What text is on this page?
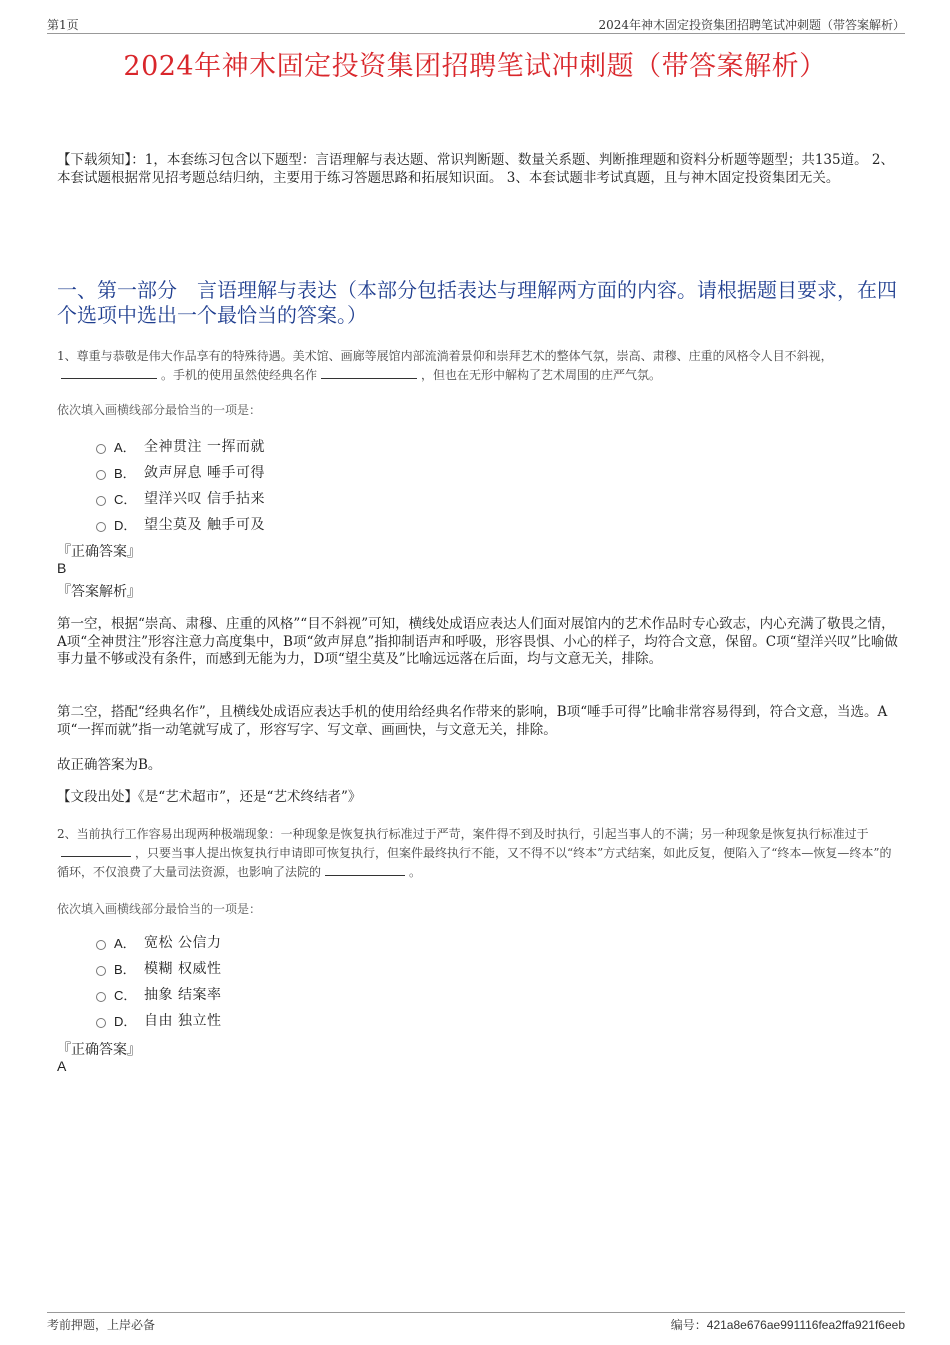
第1页	2024年神木固定投资集团招聘笔试冲刺题（带答案解析）
2024年神木固定投资集团招聘笔试冲刺题（带答案解析）
【下载须知】：1，本套练习包含以下题型：言语理解与表达题、常识判断题、数量关系题、判断推理题和资料分析题等题型；共135道。 2、本套试题根据常见招考题总结归纳，主要用于练习答题思路和拓展知识面。 3、本套试题非考试真题，且与神木固定投资集团无关。
一、第一部分　言语理解与表达（本部分包括表达与理解两方面的内容。请根据题目要求，在四个选项中选出一个最恰当的答案。）
1、尊重与恭敬是伟大作品享有的特殊待遇。美术馆、画廊等展馆内部流淌着景仰和崇拜艺术的整体气氛，崇高、肃穆、庄重的风格令人目不斜视，。手机的使用虽然使经典名作	，但也在无形中解构了艺术周围的庄严气氛。
依次填入画横线部分最恰当的一项是：
A． 全神贯注 一挥而就
B． 敛声屏息 唾手可得
C． 望洋兴叹 信手拈来
D． 望尘莫及 触手可及
『正确答案』
B
『答案解析』
第一空，根据“崇高、肃穆、庄重的风格”“目不斜视”可知，横线处成语应表达人们面对展馆内的艺术作品时专心致志，内心充满了敬畏之情，A项“全神贯注”形容注意力高度集中，B项“敛声屏息”指抑制语声和呼吸，形容畏惧、小心的样子，均符合文意，保留。C项“望洋兴叹”比喻做事力量不够或没有条件，而感到无能为力，D项“望尘莫及”比喻远远落在后面，均与文意无关，排除。
第二空，搭配“经典名作”，且横线处成语应表达手机的使用给经典名作带来的影响，B项“唾手可得”比喻非常容易得到，符合文意，当选。A项“一挥而就”指一动笔就写成了，形容写字、写文章、画画快，与文意无关，排除。
故正确答案为B。
【文段出处】《是“艺术超市”，还是“艺术终结者”》
2、当前执行工作容易出现两种极端现象：一种现象是恢复执行标准过于严苛，案件得不到及时执行，引起当事人的不满；另一种现象是恢复执行标准过于，只要当事人提出恢复执行申请即可恢复执行，但案件最终执行不能，又不得不以“终本”方式结案，如此反复，便陷入了“终本—恢复—终本”的循环，不仅浪费了大量司法资源，也影响了法院的	。
依次填入画横线部分最恰当的一项是：
A． 宽松 公信力
B． 模糊 权威性
C． 抽象 结案率
D． 自由 独立性
『正确答案』
A
考前押题，上岸必备	编号：421a8e676ae991116fea2ffa921f6eeb
